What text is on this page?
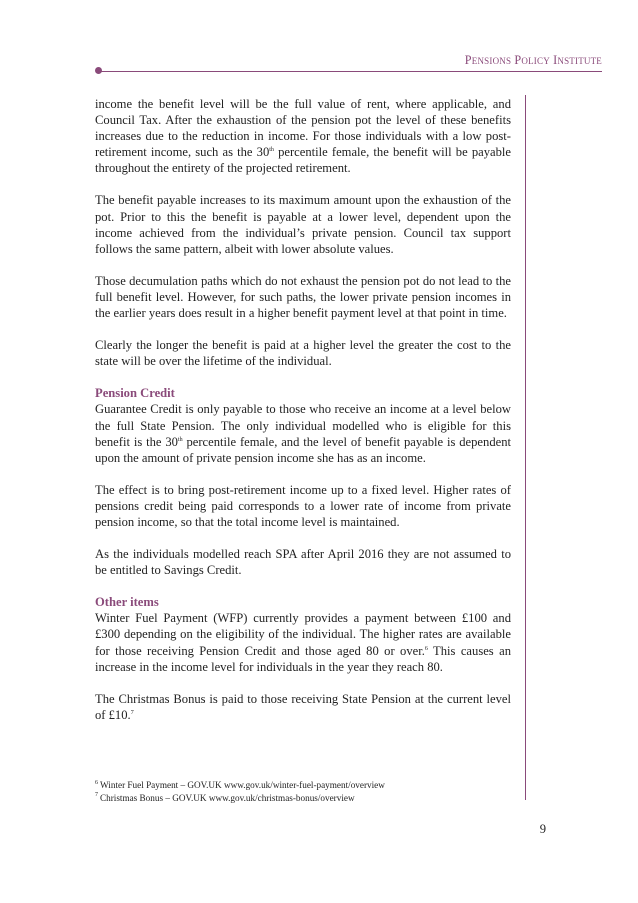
Pensions Policy Institute

income the benefit level will be the full value of rent, where applicable, and Council Tax. After the exhaustion of the pension pot the level of these benefits increases due to the reduction in income. For those individuals with a low post-retirement income, such as the 30th percentile female, the benefit will be payable throughout the entirety of the projected retirement.

The benefit payable increases to its maximum amount upon the exhaustion of the pot. Prior to this the benefit is payable at a lower level, dependent upon the income achieved from the individual’s private pension. Council tax support follows the same pattern, albeit with lower absolute values.

Those decumulation paths which do not exhaust the pension pot do not lead to the full benefit level. However, for such paths, the lower private pension incomes in the earlier years does result in a higher benefit payment level at that point in time.

Clearly the longer the benefit is paid at a higher level the greater the cost to the state will be over the lifetime of the individual.

Pension Credit

Guarantee Credit is only payable to those who receive an income at a level below the full State Pension. The only individual modelled who is eligible for this benefit is the 30th percentile female, and the level of benefit payable is dependent upon the amount of private pension income she has as an income.

The effect is to bring post-retirement income up to a fixed level. Higher rates of pensions credit being paid corresponds to a lower rate of income from private pension income, so that the total income level is maintained.

As the individuals modelled reach SPA after April 2016 they are not assumed to be entitled to Savings Credit.

Other items

Winter Fuel Payment (WFP) currently provides a payment between £100 and £300 depending on the eligibility of the individual. The higher rates are available for those receiving Pension Credit and those aged 80 or over.$^6$ This causes an increase in the income level for individuals in the year they reach 80.

The Christmas Bonus is paid to those receiving State Pension at the current level of £10.$^7$

$^6$ Winter Fuel Payment – GOV.UK www.gov.uk/winter-fuel-payment/overview
$^7$ Christmas Bonus – GOV.UK www.gov.uk/christmas-bonus/overview
9
